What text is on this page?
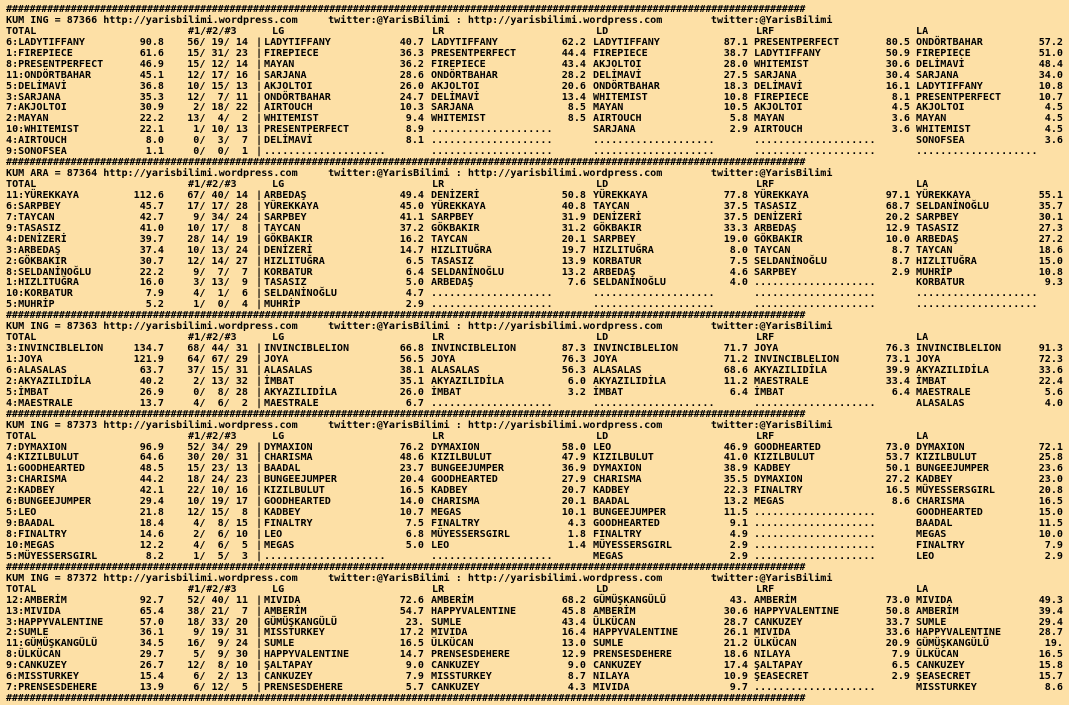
########################################################################################################################################
KUM ING = 87366 http://yarisbilimi.wordpress.com     twitter:@YarisBilimi : http://yarisbilimi.wordpress.com        twitter:@YarisBilimi
TOTAL	#1/#2/#3	LG	LR	LD	LRF	LA
6:LADYTIFFANY	90.8 56/ 19/ 14 LADYTIFFANY	40.7 LADYTIFFANY	62.2 LADYTIFFANY	87.1 PRESENTPERFECT	80.5 ONDÖRTBAHAR	57.2
|
1:FIREPIECE	61.6 15/ 31/ 23 FIREPIECE	36.3 PRESENTPERFECT	44.4 FIREPIECE	38.7 LADYTIFFANY	50.9 FIREPIECE	51.0
|
8:PRESENTPERFECT	46.9 15/ 12/ 14 MAYAN	36.2 FIREPIECE	43.4 AKJOLTOI	28.0 WHITEMIST	30.6 DELİMAVİ	48.4
|
11:ONDÖRTBAHAR	45.1 12/ 17/ 16 SARJANA	28.6 ONDÖRTBAHAR	28.2 DELİMAVİ	27.5 SARJANA	30.4 SARJANA	34.0
|
5:DELİMAVİ	36.8 10/ 15/ 13 AKJOLTOI	26.0 AKJOLTOI	20.6 ONDÖRTBAHAR	18.3 DELİMAVİ	16.1 LADYTIFFANY	10.8
|
3:SARJANA	35.3 12/  7/ 11 ONDÖRTBAHAR	24.7 DELİMAVİ	13.4 WHITEMIST	10.8 FIREPIECE	8.1 PRESENTPERFECT	10.7
|
7:AKJOLTOI	30.9	2/ 18/ 22 AIRTOUCH	10.3 SARJANA	8.5 MAYAN	10.5 AKJOLTOI	4.5 AKJOLTOI	4.5
|
2:MAYAN	22.2 13/  4/  2 WHITEMIST	9.4 WHITEMIST	8.5 AIRTOUCH	5.8 MAYAN	3.6 MAYAN	4.5
|
10:WHITEMIST	22.1	1/ 10/ 13 PRESENTPERFECT	8.9 ....................	SARJANA	2.9 AIRTOUCH	3.6 WHITEMIST	4.5
|
4:AIRTOUCH	8.0	0/  3/  7 DELİMAVİ	8.1 ....................	....................	....................	SONOFSEA	3.6
|
9:SONOFSEA	1.1	0/  0/  1 ....................	....................	....................	....................	....................
|
########################################################################################################################################
KUM ARA = 87364 http://yarisbilimi.wordpress.com     twitter:@YarisBilimi : http://yarisbilimi.wordpress.com        twitter:@YarisBilimi
TOTAL	#1/#2/#3	LG	LR	LD	LRF	LA
11:YÜREKKAYA	112.6 67/ 40/ 14 ARBEDAŞ	49.4 DENİZERİ	50.8 YÜREKKAYA	77.8 YÜREKKAYA	97.1 YÜREKKAYA	55.1
|
6:SARPBEY	45.7 17/ 17/ 28 YÜREKKAYA	45.0 YÜREKKAYA	40.8 TAYCAN	37.5 TASASIZ	68.7 SELDANİNOĞLU	35.7
|
7:TAYCAN	42.7	9/ 34/ 24 SARPBEY	41.1 SARPBEY	31.9 DENİZERİ	37.5 DENİZERİ	20.2 SARPBEY	30.1
|
9:TASASIZ	41.0 10/ 17/  8 TAYCAN	37.2 GÖKBAKIR	31.2 GÖKBAKIR	33.3 ARBEDAŞ	12.9 TASASIZ	27.3
|
4:DENİZERİ	39.7 28/ 14/ 19 GÖKBAKIR	16.2 TAYCAN	20.1 SARPBEY	19.0 GÖKBAKIR	10.0 ARBEDAŞ	27.2
|
3:ARBEDAŞ	37.4 10/ 13/ 24 DENİZERİ	14.7 HIZLITUĞRA	19.7 HIZLITUĞRA	8.0 TAYCAN	8.7 TAYCAN	18.6
|
2:GÖKBAKIR	30.7 12/ 14/ 27 HIZLITUĞRA	6.5 TASASIZ	13.9 KORBATUR	7.5 SELDANİNOĞLU	8.7 HIZLITUĞRA	15.0
|
8:SELDANİNOĞLU	22.2	9/  7/  7 KORBATUR	6.4 SELDANİNOĞLU	13.2 ARBEDAŞ	4.6 SARPBEY	2.9 MUHRİP	10.8
|
1:HIZLITUĞRA	16.0	3/ 13/  9 TASASIZ	5.0 ARBEDAŞ	7.6 SELDANİNOĞLU	4.0 ....................	KORBATUR	9.3
|
10:KORBATUR	7.9	4/  1/  6 SELDANİNOĞLU	4.7 ....................	....................	....................	....................
|
5:MUHRİP	5.2	1/  0/  4 MUHRİP	2.9 ....................	....................	....................	....................
|
########################################################################################################################################
KUM ING = 87363 http://yarisbilimi.wordpress.com     twitter:@YarisBilimi : http://yarisbilimi.wordpress.com        twitter:@YarisBilimi
TOTAL	#1/#2/#3	LG	LR	LD	LRF	LA
3:INVINCIBLELION	134.7 68/ 44/ 31 INVINCIBLELION	66.8 INVINCIBLELION	87.3 INVINCIBLELION	71.7 JOYA	76.3 INVINCIBLELION	91.3
|
1:JOYA	121.9 64/ 67/ 29 JOYA	56.5 JOYA	76.3 JOYA	71.2 INVINCIBLELION	73.1 JOYA	72.3
|
6:ALASALAS	63.7 37/ 15/ 31 ALASALAS	38.1 ALASALAS	56.3 ALASALAS	68.6 AKYAZILIDİLA	39.9 AKYAZILIDİLA	33.6
|
2:AKYAZILIDİLA	40.2	2/ 13/ 32 İMBAT	35.1 AKYAZILIDİLA	6.0 AKYAZILIDİLA	11.2 MAESTRALE	33.4 İMBAT	22.4
|
5:İMBAT	26.9	0/  8/ 28 AKYAZILIDİLA	26.0 İMBAT	3.2 İMBAT	6.4 İMBAT	6.4 MAESTRALE	5.6
|
4:MAESTRALE	13.7	4/  6/  2 MAESTRALE	6.7 ....................	....................	....................	ALASALAS	4.0
|
########################################################################################################################################
KUM ING = 87373 http://yarisbilimi.wordpress.com     twitter:@YarisBilimi : http://yarisbilimi.wordpress.com        twitter:@YarisBilimi
TOTAL	#1/#2/#3	LG	LR	LD	LRF	LA
7:DYMAXION	96.9 52/ 34/ 29 DYMAXION	76.2 DYMAXION	58.0 LEO	46.9 GOODHEARTED	73.0 DYMAXION	72.1
|
4:KIZILBULUT	64.6 30/ 20/ 31 CHARISMA	48.6 KIZILBULUT	47.9 KIZILBULUT	41.0 KIZILBULUT	53.7 KIZILBULUT	25.8
|
1:GOODHEARTED	48.5 15/ 23/ 13 BAADAL	23.7 BUNGEEJUMPER	36.9 DYMAXION	38.9 KADBEY	50.1 BUNGEEJUMPER	23.6
|
3:CHARISMA	44.2 18/ 24/ 23 BUNGEEJUMPER	20.4 GOODHEARTED	27.9 CHARISMA	35.5 DYMAXION	27.2 KADBEY	23.0
|
2:KADBEY	42.1 22/ 10/ 16 KIZILBULUT	16.5 KADBEY	20.7 KADBEY	22.3 FINALTRY	16.5 MÜYESSERSGIRL	20.8
|
6:BUNGEEJUMPER	29.4 10/ 19/ 17 GOODHEARTED	14.0 CHARISMA	20.1 BAADAL	13.2 MEGAS	8.6 CHARISMA	16.5
|
5:LEO	21.8 12/ 15/  8 KADBEY	10.7 MEGAS	10.1 BUNGEEJUMPER	11.5 ....................	GOODHEARTED	15.0
|
9:BAADAL	18.4	4/  8/ 15 FINALTRY	7.5 FINALTRY	4.3 GOODHEARTED	9.1 ....................	BAADAL	11.5
|
8:FINALTRY	14.6	2/  6/ 10 LEO	6.8 MÜYESSERSGIRL	1.8 FINALTRY	4.9 ....................	MEGAS	10.0
|
10:MEGAS	12.2	4/  6/  5 MEGAS	5.0 LEO	1.4 MÜYESSERSGIRL	2.9 ....................	FINALTRY	7.9
|
5:MÜYESSERSGIRL	8.2	1/  5/  3 ....................	....................	MEGAS	2.9 ....................	LEO	2.9
|
########################################################################################################################################
KUM ING = 87372 http://yarisbilimi.wordpress.com     twitter:@YarisBilimi : http://yarisbilimi.wordpress.com        twitter:@YarisBilimi
TOTAL	#1/#2/#3	LG	LR	LD	LRF	LA
12:AMBERİM	92.7 52/ 40/ 11 MIVIDA	72.6 AMBERİM	68.2 GÜMÜŞKANGÜLÜ	43. AMBERİM	73.0 MIVIDA	49.3
|
13:MIVIDA	65.4 38/ 21/  7 AMBERİM	54.7 HAPPYVALENTINE	45.8 AMBERİM	30.6 HAPPYVALENTINE	50.8 AMBERİM	39.4
|
3:HAPPYVALENTINE	57.0 18/ 33/ 20 GÜMÜŞKANGÜLÜ	23. SUMLE	43.4 ÜLKÜCAN	28.7 CANKUZEY	33.7 SUMLE	29.4
|
2:SUMLE	36.1	9/ 19/ 31 MISSTURKEY	17.2 MIVIDA	16.4 HAPPYVALENTINE	26.1 MIVIDA	33.6 HAPPYVALENTINE	28.7
|
11:GÜMÜŞKANGÜLÜ	34.5 16/  9/ 24 SUMLE	16.5 ÜLKÜCAN	13.0 SUMLE	21.2 ÜLKÜCAN	20.9 GÜMÜŞKANGÜLÜ	19.
|
8:ÜLKÜCAN	29.7	5/  9/ 30 HAPPYVALENTINE	14.7 PRENSESDEHERE	12.9 PRENSESDEHERE	18.6 NILAYA	7.9 ÜLKÜCAN	16.5
|
9:CANKUZEY	26.7 12/  8/ 10 ŞALTAPAY	9.0 CANKUZEY	9.0 CANKUZEY	17.4 ŞALTAPAY	6.5 CANKUZEY	15.8
|
6:MISSTURKEY	15.4	6/  2/ 13 CANKUZEY	7.9 MISSTURKEY	8.7 NILAYA	10.9 ŞEASECRET	2.9 ŞEASECRET	15.7
|
7:PRENSESDEHERE	13.9	6/ 12/  5 PRENSESDEHERE	5.7 CANKUZEY	4.3 MIVIDA	9.7 ....................	MISSTURKEY	8.6
|
########################################################################################################################################
